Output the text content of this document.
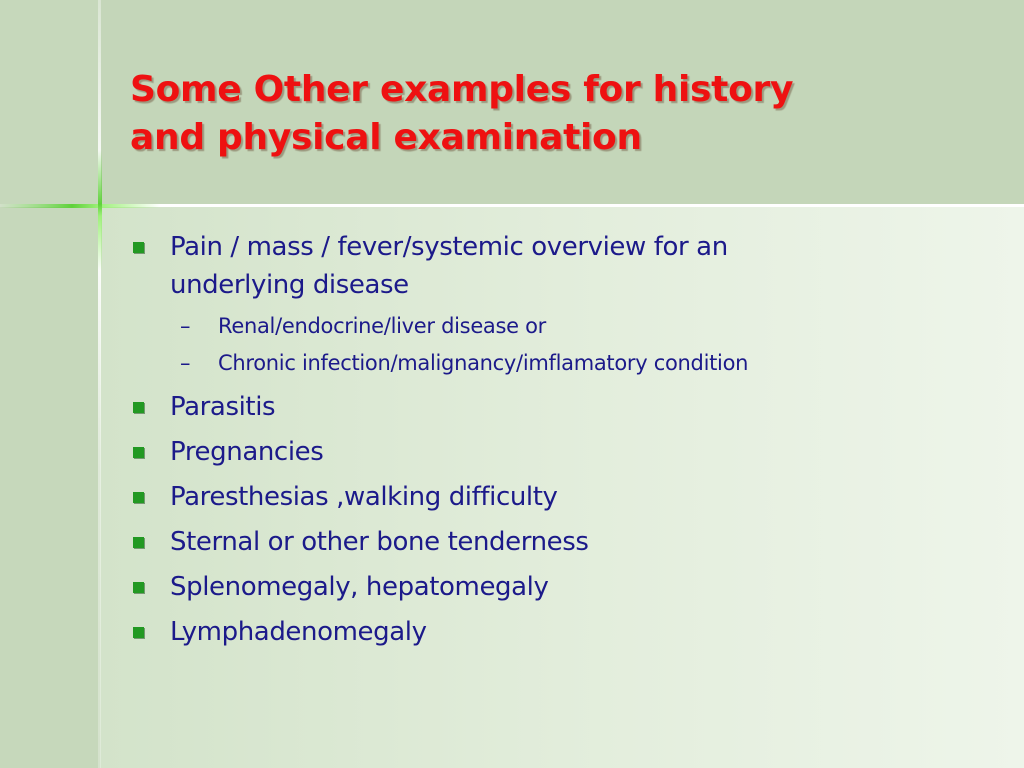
Some Other examples for history
and physical examination
Pain / mass / fever/systemic overview for an
underlying disease
– Renal/endocrine/liver disease or
– Chronic infection/malignancy/imflamatory condition
Parasitis
Pregnancies
Paresthesias ,walking difficulty
Sternal or other bone tenderness
Splenomegaly, hepatomegaly
Lymphadenomegaly
